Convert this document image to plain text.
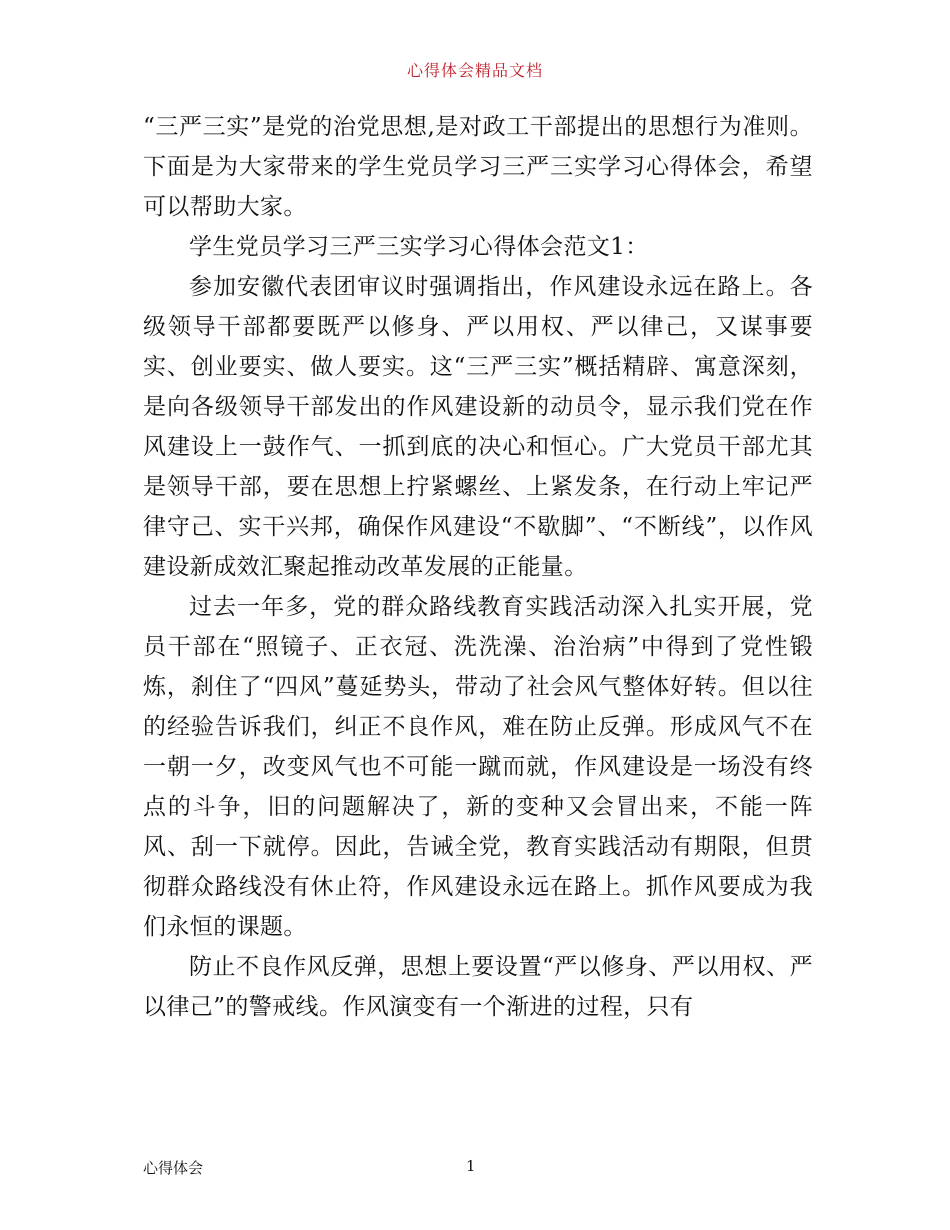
心得体会精品文档

“三严三实”是党的治党思想,是对政工干部提出的思想行为准则。下面是为大家带来的学生党员学习三严三实学习心得体会，希望可以帮助大家。

学生党员学习三严三实学习心得体会范文1：

参加安徽代表团审议时强调指出，作风建设永远在路上。各级领导干部都要既严以修身、严以用权、严以律己，又谋事要实、创业要实、做人要实。这“三严三实”概括精辟、寓意深刻，是向各级领导干部发出的作风建设新的动员令，显示我们党在作风建设上一鼓作气、一抓到底的决心和恒心。广大党员干部尤其是领导干部，要在思想上拧紧螺丝、上紧发条，在行动上牢记严律守己、实干兴邦，确保作风建设“不歇脚”、“不断线”，以作风建设新成效汇聚起推动改革发展的正能量。

过去一年多，党的群众路线教育实践活动深入扎实开展，党员干部在“照镜子、正衣冠、洗洗澡、治治病”中得到了党性锻炼，刹住了“四风”蔓延势头，带动了社会风气整体好转。但以往的经验告诉我们，纠正不良作风，难在防止反弹。形成风气不在一朝一夕，改变风气也不可能一蹴而就，作风建设是一场没有终点的斗争，旧的问题解决了，新的变种又会冒出来，不能一阵风、刮一下就停。因此，告诫全党，教育实践活动有期限，但贯彻群众路线没有休止符，作风建设永远在路上。抓作风要成为我们永恒的课题。

防止不良作风反弹，思想上要设置“严以修身、严以用权、严以律己”的警戒线。作风演变有一个渐进的过程，只有

心得体会	1
